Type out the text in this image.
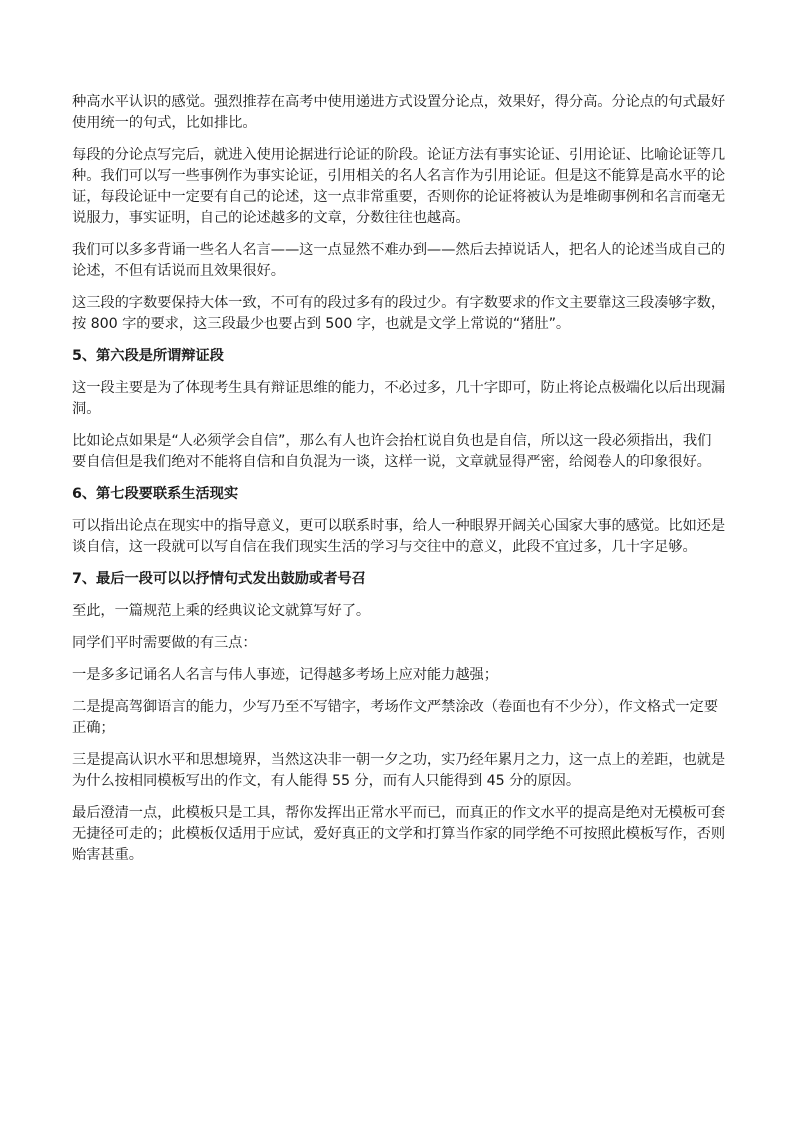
种高水平认识的感觉。强烈推荐在高考中使用递进方式设置分论点，效果好，得分高。分论点的句式最好

使用统一的句式，比如排比。

每段的分论点写完后，就进入使用论据进行论证的阶段。论证方法有事实论证、引用论证、比喻论证等几

种。我们可以写一些事例作为事实论证，引用相关的名人名言作为引用论证。但是这不能算是高水平的论

证，每段论证中一定要有自己的论述，这一点非常重要，否则你的论证将被认为是堆砌事例和名言而毫无

说服力，事实证明，自己的论述越多的文章，分数往往也越高。

我们可以多多背诵一些名人名言——这一点显然不难办到——然后去掉说话人，把名人的论述当成自己的

论述，不但有话说而且效果很好。

这三段的字数要保持大体一致，不可有的段过多有的段过少。有字数要求的作文主要靠这三段凑够字数，

按 800 字的要求，这三段最少也要占到 500 字，也就是文学上常说的“猪肚”。

5、第六段是所谓辩证段

这一段主要是为了体现考生具有辩证思维的能力，不必过多，几十字即可，防止将论点极端化以后出现漏

洞。

比如论点如果是“人必须学会自信”，那么有人也许会抬杠说自负也是自信，所以这一段必须指出，我们

要自信但是我们绝对不能将自信和自负混为一谈，这样一说，文章就显得严密，给阅卷人的印象很好。

6、第七段要联系生活现实

可以指出论点在现实中的指导意义，更可以联系时事，给人一种眼界开阔关心国家大事的感觉。比如还是

谈自信，这一段就可以写自信在我们现实生活的学习与交往中的意义，此段不宜过多，几十字足够。

7、最后一段可以以抒情句式发出鼓励或者号召

至此，一篇规范上乘的经典议论文就算写好了。

同学们平时需要做的有三点：

一是多多记诵名人名言与伟人事迹，记得越多考场上应对能力越强；

二是提高驾御语言的能力，少写乃至不写错字，考场作文严禁涂改（卷面也有不少分），作文格式一定要

正确；

三是提高认识水平和思想境界，当然这决非一朝一夕之功，实乃经年累月之力，这一点上的差距，也就是

为什么按相同模板写出的作文，有人能得 55 分，而有人只能得到 45 分的原因。

最后澄清一点，此模板只是工具，帮你发挥出正常水平而已，而真正的作文水平的提高是绝对无模板可套

无捷径可走的；此模板仅适用于应试，爱好真正的文学和打算当作家的同学绝不可按照此模板写作，否则

贻害甚重。
